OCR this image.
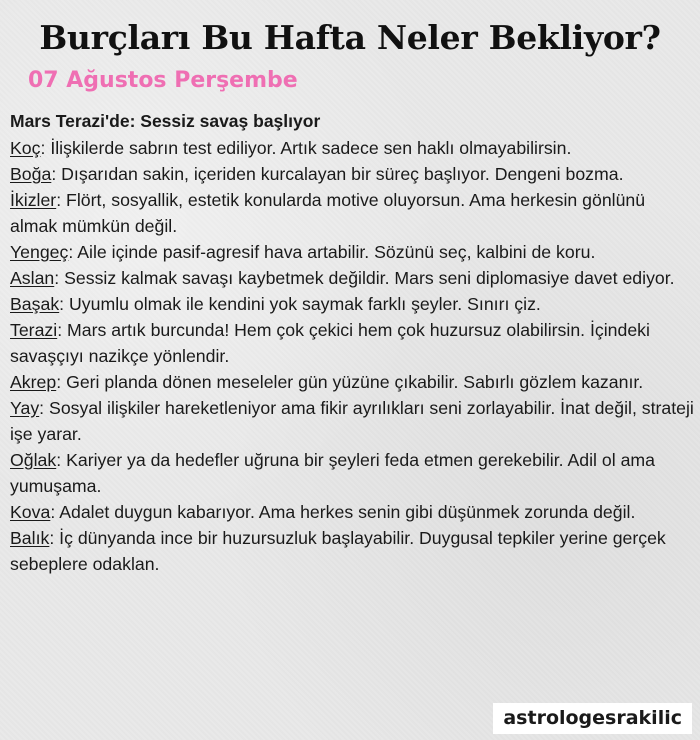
Burçları Bu Hafta Neler Bekliyor?
07 Ağustos Perşembe
Mars Terazi'de: Sessiz savaş başlıyor
Koç: İlişkilerde sabrın test ediliyor. Artık sadece sen haklı olmayabilirsin.
Boğa: Dışarıdan sakin, içeriden kurcalayan bir süreç başlıyor. Dengeni bozma.
İkizler: Flört, sosyallik, estetik konularda motive oluyorsun. Ama herkesin gönlünü almak mümkün değil.
Yengeç: Aile içinde pasif-agresif hava artabilir. Sözünü seç, kalbini de koru.
Aslan: Sessiz kalmak savaşı kaybetmek değildir. Mars seni diplomasiye davet ediyor.
Başak: Uyumlu olmak ile kendini yok saymak farklı şeyler. Sınırı çiz.
Terazi: Mars artık burcunda! Hem çok çekici hem çok huzursuz olabilirsin. İçindeki savaşçıyı nazikçe yönlendir.
Akrep: Geri planda dönen meseleler gün yüzüne çıkabilir. Sabırlı gözlem kazanır.
Yay: Sosyal ilişkiler hareketleniyor ama fikir ayrılıkları seni zorlayabilir. İnat değil, strateji işe yarar.
Oğlak: Kariyer ya da hedefler uğruna bir şeyleri feda etmen gerekebilir. Adil ol ama yumuşama.
Kova: Adalet duygun kabarıyor. Ama herkes senin gibi düşünmek zorunda değil.
Balık: İç dünyanda ince bir huzursuzluk başlayabilir. Duygusal tepkiler yerine gerçek sebeplere odaklan.
astrologesrakilic
